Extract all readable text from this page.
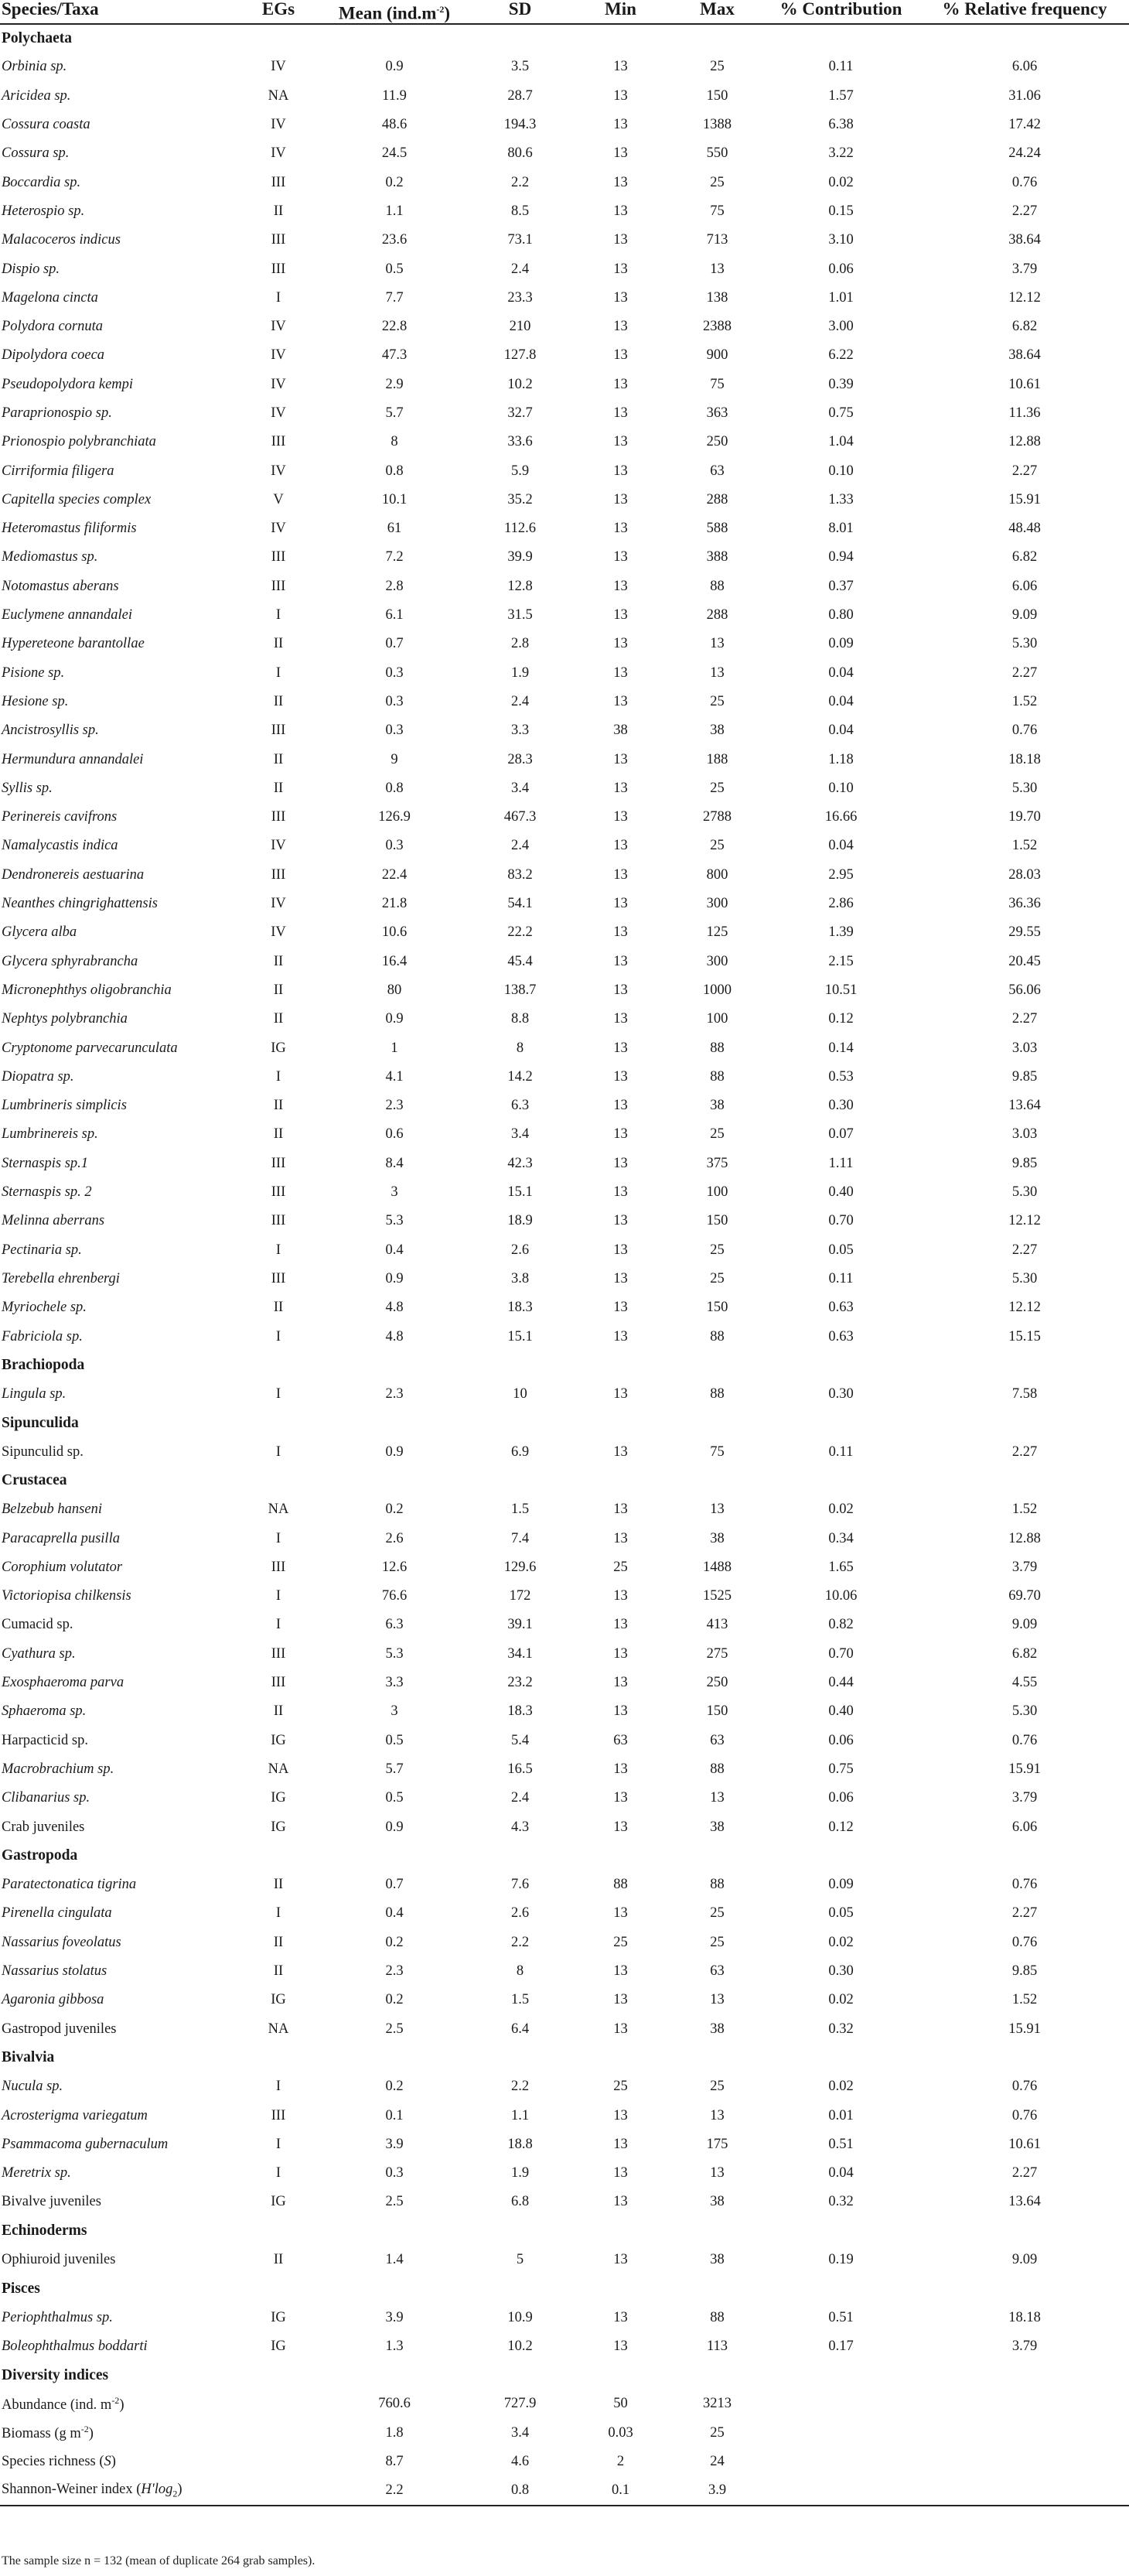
Species/Taxa	EGs	Mean $(ind.m^{-2})$	SD	Min	Max	% Contribution	% Relative frequency
Polychaeta							
Orbinia sp.	IV	0.9	3.5	13	25	0.11	6.06
Aricidea sp.	NA	11.9	28.7	13	150	1.57	31.06
Cossura coasta	IV	48.6	194.3	13	1388	6.38	17.42
Cossura sp.	IV	24.5	80.6	13	550	3.22	24.24
Boccardia sp.	III	0.2	2.2	13	25	0.02	0.76
Heterospio sp.	II	1.1	8.5	13	75	0.15	2.27
Malacoceros indicus	III	23.6	73.1	13	713	3.10	38.64
Dispio sp.	III	0.5	2.4	13	13	0.06	3.79
Magelona cincta	I	7.7	23.3	13	138	1.01	12.12
Polydora cornuta	IV	22.8	210	13	2388	3.00	6.82
Dipolydora coeca	IV	47.3	127.8	13	900	6.22	38.64
Pseudopolydora kempi	IV	2.9	10.2	13	75	0.39	10.61
Paraprionospio sp.	IV	5.7	32.7	13	363	0.75	11.36
Prionospio polybranchiata	III	8	33.6	13	250	1.04	12.88
Cirriformia filigera	IV	0.8	5.9	13	63	0.10	2.27
Capitella species complex	V	10.1	35.2	13	288	1.33	15.91
Heteromastus filiformis	IV	61	112.6	13	588	8.01	48.48
Mediomastus sp.	III	7.2	39.9	13	388	0.94	6.82
Notomastus aberans	III	2.8	12.8	13	88	0.37	6.06
Euclymene annandalei	I	6.1	31.5	13	288	0.80	9.09
Hypereteone barantollae	II	0.7	2.8	13	13	0.09	5.30
Pisione sp.	I	0.3	1.9	13	13	0.04	2.27
Hesione sp.	II	0.3	2.4	13	25	0.04	1.52
Ancistrosyllis sp.	III	0.3	3.3	38	38	0.04	0.76
Hermundura annandalei	II	9	28.3	13	188	1.18	18.18
Syllis sp.	II	0.8	3.4	13	25	0.10	5.30
Perinereis cavifrons	III	126.9	467.3	13	2788	16.66	19.70
Namalycastis indica	IV	0.3	2.4	13	25	0.04	1.52
Dendronereis aestuarina	III	22.4	83.2	13	800	2.95	28.03
Neanthes chingrighattensis	IV	21.8	54.1	13	300	2.86	36.36
Glycera alba	IV	10.6	22.2	13	125	1.39	29.55
Glycera sphyrabrancha	II	16.4	45.4	13	300	2.15	20.45
Micronephthys oligobranchia	II	80	138.7	13	1000	10.51	56.06
Nephtys polybranchia	II	0.9	8.8	13	100	0.12	2.27
Cryptonome parvecarunculata	IG	1	8	13	88	0.14	3.03
Diopatra sp.	I	4.1	14.2	13	88	0.53	9.85
Lumbrineris simplicis	II	2.3	6.3	13	38	0.30	13.64
Lumbrinereis sp.	II	0.6	3.4	13	25	0.07	3.03
Sternaspis sp.1	III	8.4	42.3	13	375	1.11	9.85
Sternaspis sp. 2	III	3	15.1	13	100	0.40	5.30
Melinna aberrans	III	5.3	18.9	13	150	0.70	12.12
Pectinaria sp.	I	0.4	2.6	13	25	0.05	2.27
Terebella ehrenbergi	III	0.9	3.8	13	25	0.11	5.30
Myriochele sp.	II	4.8	18.3	13	150	0.63	12.12
Fabriciola sp.	I	4.8	15.1	13	88	0.63	15.15
Brachiopoda							
Lingula sp.	I	2.3	10	13	88	0.30	7.58
Sipunculida							
Sipunculid sp.	I	0.9	6.9	13	75	0.11	2.27
Crustacea							
Belzebub hanseni	NA	0.2	1.5	13	13	0.02	1.52
Paracaprella pusilla	I	2.6	7.4	13	38	0.34	12.88
Corophium volutator	III	12.6	129.6	25	1488	1.65	3.79
Victoriopisa chilkensis	I	76.6	172	13	1525	10.06	69.70
Cumacid sp.	I	6.3	39.1	13	413	0.82	9.09
Cyathura sp.	III	5.3	34.1	13	275	0.70	6.82
Exosphaeroma parva	III	3.3	23.2	13	250	0.44	4.55
Sphaeroma sp.	II	3	18.3	13	150	0.40	5.30
Harpacticid sp.	IG	0.5	5.4	63	63	0.06	0.76
Macrobrachium sp.	NA	5.7	16.5	13	88	0.75	15.91
Clibanarius sp.	IG	0.5	2.4	13	13	0.06	3.79
Crab juveniles	IG	0.9	4.3	13	38	0.12	6.06
Gastropoda							
Paratectonatica tigrina	II	0.7	7.6	88	88	0.09	0.76
Pirenella cingulata	I	0.4	2.6	13	25	0.05	2.27
Nassarius foveolatus	II	0.2	2.2	25	25	0.02	0.76
Nassarius stolatus	II	2.3	8	13	63	0.30	9.85
Agaronia gibbosa	IG	0.2	1.5	13	13	0.02	1.52
Gastropod juveniles	NA	2.5	6.4	13	38	0.32	15.91
Bivalvia							
Nucula sp.	I	0.2	2.2	25	25	0.02	0.76
Acrosterigma variegatum	III	0.1	1.1	13	13	0.01	0.76
Psammacoma gubernaculum	I	3.9	18.8	13	175	0.51	10.61
Meretrix sp.	I	0.3	1.9	13	13	0.04	2.27
Bivalve juveniles	IG	2.5	6.8	13	38	0.32	13.64
Echinoderms							
Ophiuroid juveniles	II	1.4	5	13	38	0.19	9.09
Pisces							
Periophthalmus sp.	IG	3.9	10.9	13	88	0.51	18.18
Boleophthalmus boddarti	IG	1.3	10.2	13	113	0.17	3.79
Diversity indices							
Abundance (ind. $m^{-2}$)		760.6	727.9	50	3213		
Biomass (g $m^{-2}$)		1.8	3.4	0.03	25		
Species richness (S)		8.7	4.6	2	24		
Shannon-Weiner index $(H'\log_2)$		2.2	0.8	0.1	3.9		
The sample size n = 132 (mean of duplicate 264 grab samples).
